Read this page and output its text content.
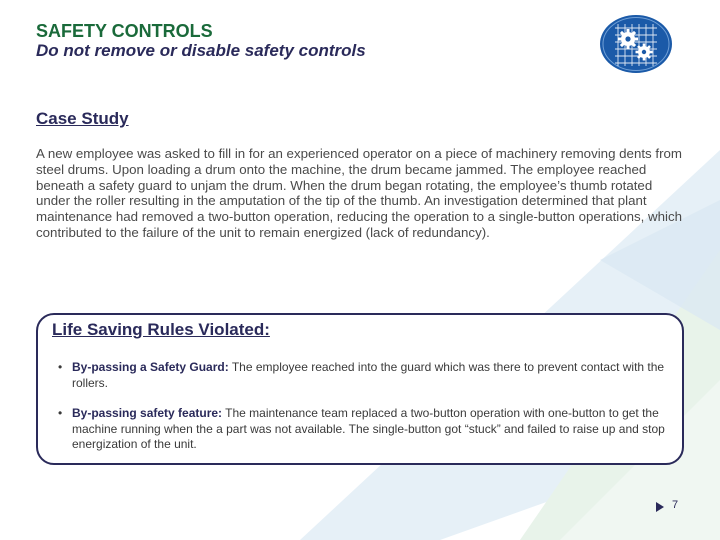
SAFETY CONTROLS
Do not remove or disable safety controls
Case Study

A new employee was asked to fill in for an experienced operator on a piece of machinery removing dents from steel drums. Upon loading a drum onto the machine, the drum became jammed. The employee reached beneath a safety guard to unjam the drum. When the drum began rotating, the employee’s thumb rotated under the roller resulting in the amputation of the tip of the thumb. An investigation determined that plant maintenance had removed a two-button operation, reducing the operation to a single-button operations, which contributed to the failure of the unit to remain energized (lack of redundancy).

Life Saving Rules Violated:
• By-passing a Safety Guard: The employee reached into the guard which was there to prevent contact with the rollers.
• By-passing safety feature: The maintenance team replaced a two-button operation with one-button to get the machine running when the a part was not available. The single-button got “stuck” and failed to raise up and stop energization of the unit.
7
